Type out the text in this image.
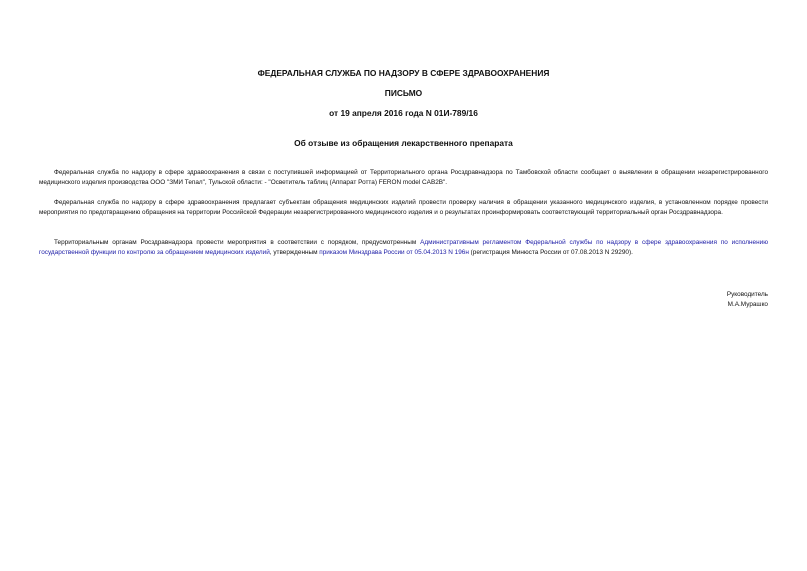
ФЕДЕРАЛЬНАЯ СЛУЖБА ПО НАДЗОРУ В СФЕРЕ ЗДРАВООХРАНЕНИЯ
ПИСЬМО
от 19 апреля 2016 года N 01И-789/16
Об отзыве из обращения лекарственного препарата

Федеральная служба по надзору в сфере здравоохранения в связи с поступившей информацией от Территориального органа Росздравнадзора по Тамбовской области сообщает о выявлении в обращении незарегистрированного медицинского изделия производства ООО "ЗМИ Тепал", Тульской области: - "Осветитель таблиц (Аппарат Ротта) FERON model CAB2B".

Федеральная служба по надзору в сфере здравоохранения предлагает субъектам обращения медицинских изделий провести проверку наличия в обращении указанного медицинского изделия, в установленном порядке провести мероприятия по предотвращению обращения на территории Российской Федерации незарегистрированного медицинского изделия и о результатах проинформировать соответствующий территориальный орган Росздравнадзора.

Территориальным органам Росздравнадзора провести мероприятия в соответствии с порядком, предусмотренным Административным регламентом Федеральной службы по надзору в сфере здравоохранения по исполнению государственной функции по контролю за обращением медицинских изделий, утвержденным приказом Минздрава России от 05.04.2013 N 196н (регистрация Минюста России от 07.08.2013 N 29290).

Руководитель
М.А.Мурашко
